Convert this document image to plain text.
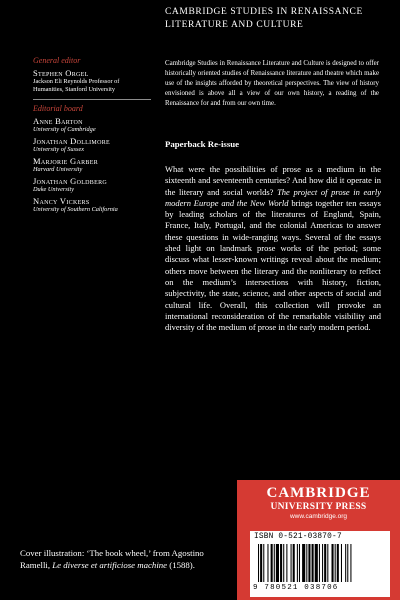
General editor

Stephen Orgel
Jackson Eli Reynolds Professor of
Humanities, Stanford University

Editorial board

Anne Barton
University of Cambridge
Jonathan Dollimore
University of Sussex
Marjorie Garber
Harvard University
Jonathan Goldberg
Duke University
Nancy Vickers
University of Southern California
CAMBRIDGE STUDIES IN RENAISSANCE
LITERATURE AND CULTURE
Cambridge Studies in Renaissance Literature and Culture is designed to offer historically oriented studies of Renaissance literature and theatre which make use of the insights afforded by theoretical perspectives. The view of history envisioned is above all a view of our own history, a reading of the Renaissance for and from our own time.
Paperback Re-issue
What were the possibilities of prose as a medium in the sixteenth and seventeenth centuries? And how did it operate in the literary and social worlds? The project of prose in early modern Europe and the New World brings together ten essays by leading scholars of the literatures of England, Spain, France, Italy, Portugal, and the colonial Americas to answer these questions in wide-ranging ways. Several of the essays shed light on landmark prose works of the period; some discuss what lesser-known writings reveal about the medium; others move between the literary and the nonliterary to reflect on the medium’s intersections with history, fiction, subjectivity, the state, science, and other aspects of social and cultural life. Overall, this collection will provoke an international reconsideration of the remarkable visibility and diversity of the medium of prose in the early modern period.
Cover illustration: ‘The book wheel,’ from Agostino Ramelli, Le diverse et artificiose machine (1588).
CAMBRIDGE
UNIVERSITY PRESS
www.cambridge.org
ISBN 0-521-03870-7
9 780521 038706
